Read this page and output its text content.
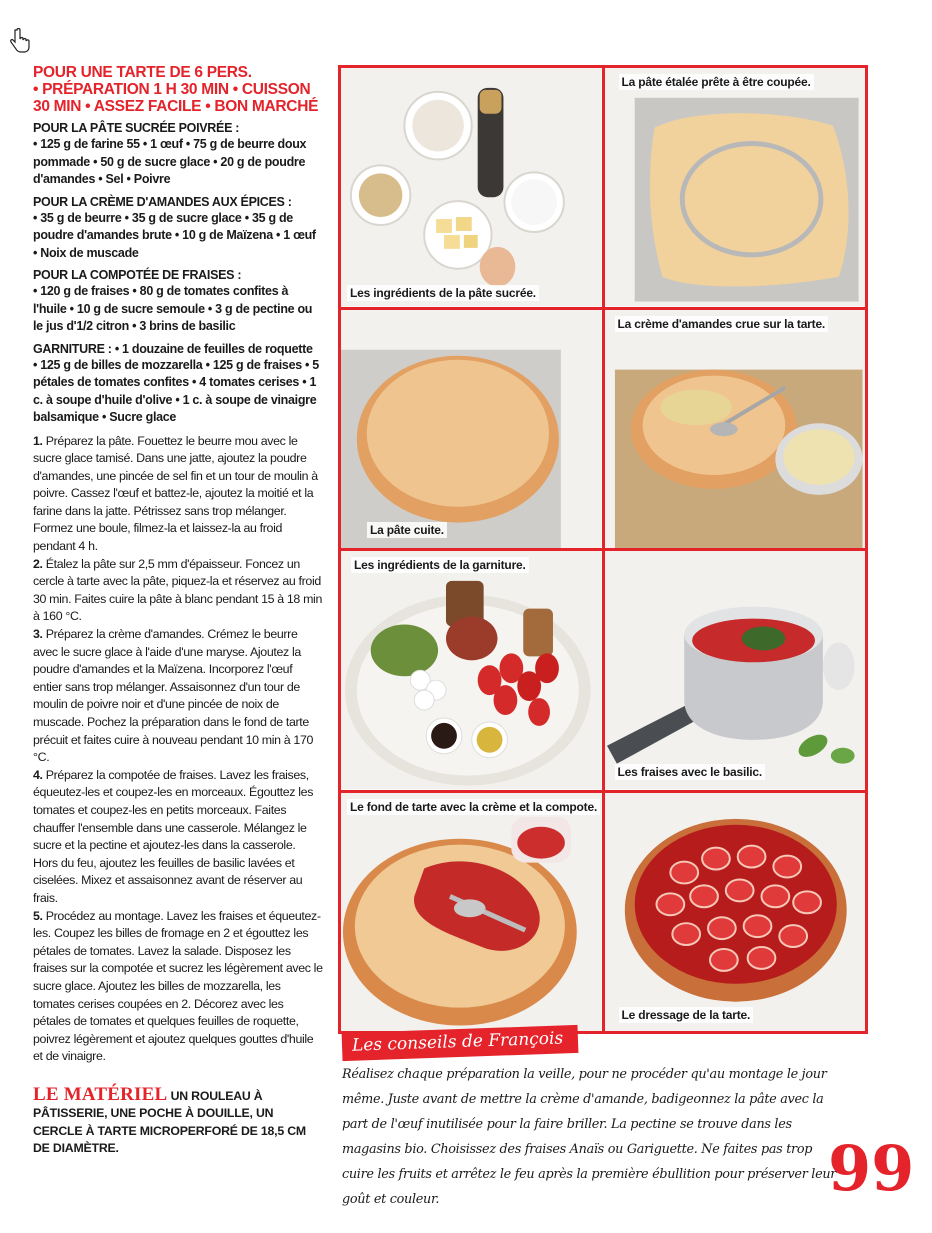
POUR UNE TARTE DE 6 PERS.
• PRÉPARATION 1 H 30 MIN • CUISSON
30 MIN • ASSEZ FACILE • BON MARCHÉ
POUR LA PÂTE SUCRÉE POIVRÉE :
• 125 g de farine 55 • 1 œuf • 75 g de beurre doux pommade • 50 g de sucre glace • 20 g de poudre d'amandes • Sel • Poivre
POUR LA CRÈME D'AMANDES AUX ÉPICES :
• 35 g de beurre • 35 g de sucre glace • 35 g de poudre d'amandes brute • 10 g de Maïzena • 1 œuf • Noix de muscade
POUR LA COMPOTÉE DE FRAISES :
• 120 g de fraises • 80 g de tomates confites à l'huile • 10 g de sucre semoule • 3 g de pectine ou le jus d'1/2 citron • 3 brins de basilic
GARNITURE : • 1 douzaine de feuilles de roquette
• 125 g de billes de mozzarella • 125 g de fraises • 5 pétales de tomates confites • 4 tomates cerises • 1 c. à soupe d'huile d'olive • 1 c. à soupe de vinaigre balsamique • Sucre glace

1. Préparez la pâte. Fouettez le beurre mou avec le sucre glace tamisé. Dans une jatte, ajoutez la poudre d'amandes, une pincée de sel fin et un tour de moulin à poivre. Cassez l'œuf et battez-le, ajoutez la moitié et la farine dans la jatte. Pétrissez sans trop mélanger. Formez une boule, filmez-la et laissez-la au froid pendant 4 h.

2. Étalez la pâte sur 2,5 mm d'épaisseur. Foncez un cercle à tarte avec la pâte, piquez-la et réservez au froid 30 min. Faites cuire la pâte à blanc pendant 15 à 18 min à 160 °C.

3. Préparez la crème d'amandes. Crémez le beurre avec le sucre glace à l'aide d'une maryse. Ajoutez la poudre d'amandes et la Maïzena. Incorporez l'œuf entier sans trop mélanger. Assaisonnez d'un tour de moulin de poivre noir et d'une pincée de noix de muscade. Pochez la préparation dans le fond de tarte précuit et faites cuire à nouveau pendant 10 min à 170 °C.

4. Préparez la compotée de fraises. Lavez les fraises, équeutez-les et coupez-les en morceaux. Égouttez les tomates et coupez-les en petits morceaux. Faites chauffer l'ensemble dans une casserole. Mélangez le sucre et la pectine et ajoutez-les dans la casserole. Hors du feu, ajoutez les feuilles de basilic lavées et ciselées. Mixez et assaisonnez avant de réserver au frais.

5. Procédez au montage. Lavez les fraises et équeutez-les. Coupez les billes de fromage en 2 et égouttez les pétales de tomates. Lavez la salade. Disposez les fraises sur la compotée et sucrez les légèrement avec le sucre glace. Ajoutez les billes de mozzarella, les tomates cerises coupées en 2. Décorez avec les pétales de tomates et quelques feuilles de roquette, poivrez légèrement et ajoutez quelques gouttes d'huile et de vinaigre.

LE MATÉRIEL UN ROULEAU À PÂTISSERIE, UNE POCHE À DOUILLE, UN CERCLE À TARTE MICROPERFORÉ DE 18,5 CM DE DIAMÈTRE.
Les ingrédients de la pâte sucrée.
La pâte étalée prête à être coupée.
La pâte cuite.
La crème d'amandes crue sur la tarte.
Les ingrédients de la garniture.
Les fraises avec le basilic.
Le fond de tarte avec la crème et la compote.
Le dressage de la tarte.
Les conseils de François
Réalisez chaque préparation la veille, pour ne procéder qu'au montage le jour même. Juste avant de mettre la crème d'amande, badigeonnez la pâte avec la part de l'œuf inutilisée pour la faire briller. La pectine se trouve dans les magasins bio. Choisissez des fraises Anaïs ou Gariguette. Ne faites pas trop cuire les fruits et arrêtez le feu après la première ébullition pour préserver leur goût et couleur.	99
